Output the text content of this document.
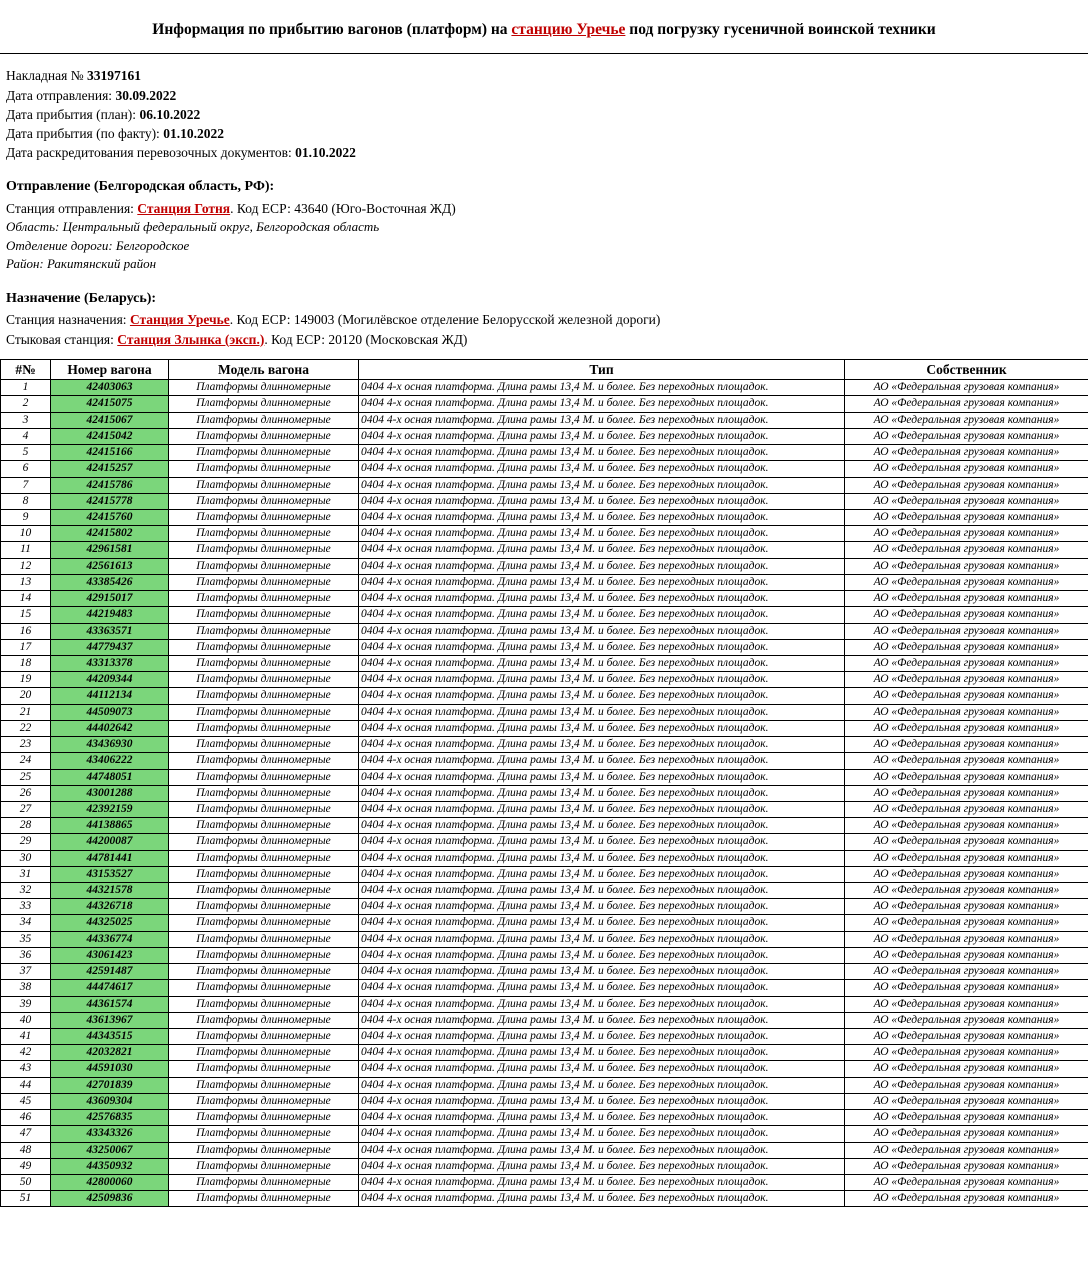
Информация по прибытию вагонов (платформ) на станцию Уречье под погрузку гусеничной воинской техники
Накладная № 33197161
Дата отправления: 30.09.2022
Дата прибытия (план): 06.10.2022
Дата прибытия (по факту): 01.10.2022
Дата раскредитования перевозочных документов: 01.10.2022
Отправление (Белгородская область, РФ):
Станция отправления: Станция Готня. Код ЕСР: 43640 (Юго-Восточная ЖД)
Область: Центральный федеральный округ, Белгородская область
Отделение дороги: Белгородское
Район: Ракитянский район
Назначение (Беларусь):
Станция назначения: Станция Уречье. Код ЕСР: 149003 (Могилёвское отделение Белорусской железной дороги)
Стыковая станция: Станция Злынка (эксп.). Код ЕСР: 20120 (Московская ЖД)
#№	Номер вагона	Модель вагона	Тип	Собственник
1	42403063	Платформы длинномерные	0404 4-х осная платформа. Длина рамы 13,4 М. и более. Без переходных площадок.	АО «Федеральная грузовая компания»
2	42415075	Платформы длинномерные	0404 4-х осная платформа. Длина рамы 13,4 М. и более. Без переходных площадок.	АО «Федеральная грузовая компания»
3	42415067	Платформы длинномерные	0404 4-х осная платформа. Длина рамы 13,4 М. и более. Без переходных площадок.	АО «Федеральная грузовая компания»
4	42415042	Платформы длинномерные	0404 4-х осная платформа. Длина рамы 13,4 М. и более. Без переходных площадок.	АО «Федеральная грузовая компания»
5	42415166	Платформы длинномерные	0404 4-х осная платформа. Длина рамы 13,4 М. и более. Без переходных площадок.	АО «Федеральная грузовая компания»
6	42415257	Платформы длинномерные	0404 4-х осная платформа. Длина рамы 13,4 М. и более. Без переходных площадок.	АО «Федеральная грузовая компания»
7	42415786	Платформы длинномерные	0404 4-х осная платформа. Длина рамы 13,4 М. и более. Без переходных площадок.	АО «Федеральная грузовая компания»
8	42415778	Платформы длинномерные	0404 4-х осная платформа. Длина рамы 13,4 М. и более. Без переходных площадок.	АО «Федеральная грузовая компания»
9	42415760	Платформы длинномерные	0404 4-х осная платформа. Длина рамы 13,4 М. и более. Без переходных площадок.	АО «Федеральная грузовая компания»
10	42415802	Платформы длинномерные	0404 4-х осная платформа. Длина рамы 13,4 М. и более. Без переходных площадок.	АО «Федеральная грузовая компания»
11	42961581	Платформы длинномерные	0404 4-х осная платформа. Длина рамы 13,4 М. и более. Без переходных площадок.	АО «Федеральная грузовая компания»
12	42561613	Платформы длинномерные	0404 4-х осная платформа. Длина рамы 13,4 М. и более. Без переходных площадок.	АО «Федеральная грузовая компания»
13	43385426	Платформы длинномерные	0404 4-х осная платформа. Длина рамы 13,4 М. и более. Без переходных площадок.	АО «Федеральная грузовая компания»
14	42915017	Платформы длинномерные	0404 4-х осная платформа. Длина рамы 13,4 М. и более. Без переходных площадок.	АО «Федеральная грузовая компания»
15	44219483	Платформы длинномерные	0404 4-х осная платформа. Длина рамы 13,4 М. и более. Без переходных площадок.	АО «Федеральная грузовая компания»
16	43363571	Платформы длинномерные	0404 4-х осная платформа. Длина рамы 13,4 М. и более. Без переходных площадок.	АО «Федеральная грузовая компания»
17	44779437	Платформы длинномерные	0404 4-х осная платформа. Длина рамы 13,4 М. и более. Без переходных площадок.	АО «Федеральная грузовая компания»
18	43313378	Платформы длинномерные	0404 4-х осная платформа. Длина рамы 13,4 М. и более. Без переходных площадок.	АО «Федеральная грузовая компания»
19	44209344	Платформы длинномерные	0404 4-х осная платформа. Длина рамы 13,4 М. и более. Без переходных площадок.	АО «Федеральная грузовая компания»
20	44112134	Платформы длинномерные	0404 4-х осная платформа. Длина рамы 13,4 М. и более. Без переходных площадок.	АО «Федеральная грузовая компания»
21	44509073	Платформы длинномерные	0404 4-х осная платформа. Длина рамы 13,4 М. и более. Без переходных площадок.	АО «Федеральная грузовая компания»
22	44402642	Платформы длинномерные	0404 4-х осная платформа. Длина рамы 13,4 М. и более. Без переходных площадок.	АО «Федеральная грузовая компания»
23	43436930	Платформы длинномерные	0404 4-х осная платформа. Длина рамы 13,4 М. и более. Без переходных площадок.	АО «Федеральная грузовая компания»
24	43406222	Платформы длинномерные	0404 4-х осная платформа. Длина рамы 13,4 М. и более. Без переходных площадок.	АО «Федеральная грузовая компания»
25	44748051	Платформы длинномерные	0404 4-х осная платформа. Длина рамы 13,4 М. и более. Без переходных площадок.	АО «Федеральная грузовая компания»
26	43001288	Платформы длинномерные	0404 4-х осная платформа. Длина рамы 13,4 М. и более. Без переходных площадок.	АО «Федеральная грузовая компания»
27	42392159	Платформы длинномерные	0404 4-х осная платформа. Длина рамы 13,4 М. и более. Без переходных площадок.	АО «Федеральная грузовая компания»
28	44138865	Платформы длинномерные	0404 4-х осная платформа. Длина рамы 13,4 М. и более. Без переходных площадок.	АО «Федеральная грузовая компания»
29	44200087	Платформы длинномерные	0404 4-х осная платформа. Длина рамы 13,4 М. и более. Без переходных площадок.	АО «Федеральная грузовая компания»
30	44781441	Платформы длинномерные	0404 4-х осная платформа. Длина рамы 13,4 М. и более. Без переходных площадок.	АО «Федеральная грузовая компания»
31	43153527	Платформы длинномерные	0404 4-х осная платформа. Длина рамы 13,4 М. и более. Без переходных площадок.	АО «Федеральная грузовая компания»
32	44321578	Платформы длинномерные	0404 4-х осная платформа. Длина рамы 13,4 М. и более. Без переходных площадок.	АО «Федеральная грузовая компания»
33	44326718	Платформы длинномерные	0404 4-х осная платформа. Длина рамы 13,4 М. и более. Без переходных площадок.	АО «Федеральная грузовая компания»
34	44325025	Платформы длинномерные	0404 4-х осная платформа. Длина рамы 13,4 М. и более. Без переходных площадок.	АО «Федеральная грузовая компания»
35	44336774	Платформы длинномерные	0404 4-х осная платформа. Длина рамы 13,4 М. и более. Без переходных площадок.	АО «Федеральная грузовая компания»
36	43061423	Платформы длинномерные	0404 4-х осная платформа. Длина рамы 13,4 М. и более. Без переходных площадок.	АО «Федеральная грузовая компания»
37	42591487	Платформы длинномерные	0404 4-х осная платформа. Длина рамы 13,4 М. и более. Без переходных площадок.	АО «Федеральная грузовая компания»
38	44474617	Платформы длинномерные	0404 4-х осная платформа. Длина рамы 13,4 М. и более. Без переходных площадок.	АО «Федеральная грузовая компания»
39	44361574	Платформы длинномерные	0404 4-х осная платформа. Длина рамы 13,4 М. и более. Без переходных площадок.	АО «Федеральная грузовая компания»
40	43613967	Платформы длинномерные	0404 4-х осная платформа. Длина рамы 13,4 М. и более. Без переходных площадок.	АО «Федеральная грузовая компания»
41	44343515	Платформы длинномерные	0404 4-х осная платформа. Длина рамы 13,4 М. и более. Без переходных площадок.	АО «Федеральная грузовая компания»
42	42032821	Платформы длинномерные	0404 4-х осная платформа. Длина рамы 13,4 М. и более. Без переходных площадок.	АО «Федеральная грузовая компания»
43	44591030	Платформы длинномерные	0404 4-х осная платформа. Длина рамы 13,4 М. и более. Без переходных площадок.	АО «Федеральная грузовая компания»
44	42701839	Платформы длинномерные	0404 4-х осная платформа. Длина рамы 13,4 М. и более. Без переходных площадок.	АО «Федеральная грузовая компания»
45	43609304	Платформы длинномерные	0404 4-х осная платформа. Длина рамы 13,4 М. и более. Без переходных площадок.	АО «Федеральная грузовая компания»
46	42576835	Платформы длинномерные	0404 4-х осная платформа. Длина рамы 13,4 М. и более. Без переходных площадок.	АО «Федеральная грузовая компания»
47	43343326	Платформы длинномерные	0404 4-х осная платформа. Длина рамы 13,4 М. и более. Без переходных площадок.	АО «Федеральная грузовая компания»
48	43250067	Платформы длинномерные	0404 4-х осная платформа. Длина рамы 13,4 М. и более. Без переходных площадок.	АО «Федеральная грузовая компания»
49	44350932	Платформы длинномерные	0404 4-х осная платформа. Длина рамы 13,4 М. и более. Без переходных площадок.	АО «Федеральная грузовая компания»
50	42800060	Платформы длинномерные	0404 4-х осная платформа. Длина рамы 13,4 М. и более. Без переходных площадок.	АО «Федеральная грузовая компания»
51	42509836	Платформы длинномерные	0404 4-х осная платформа. Длина рамы 13,4 М. и более. Без переходных площадок.	АО «Федеральная грузовая компания»
